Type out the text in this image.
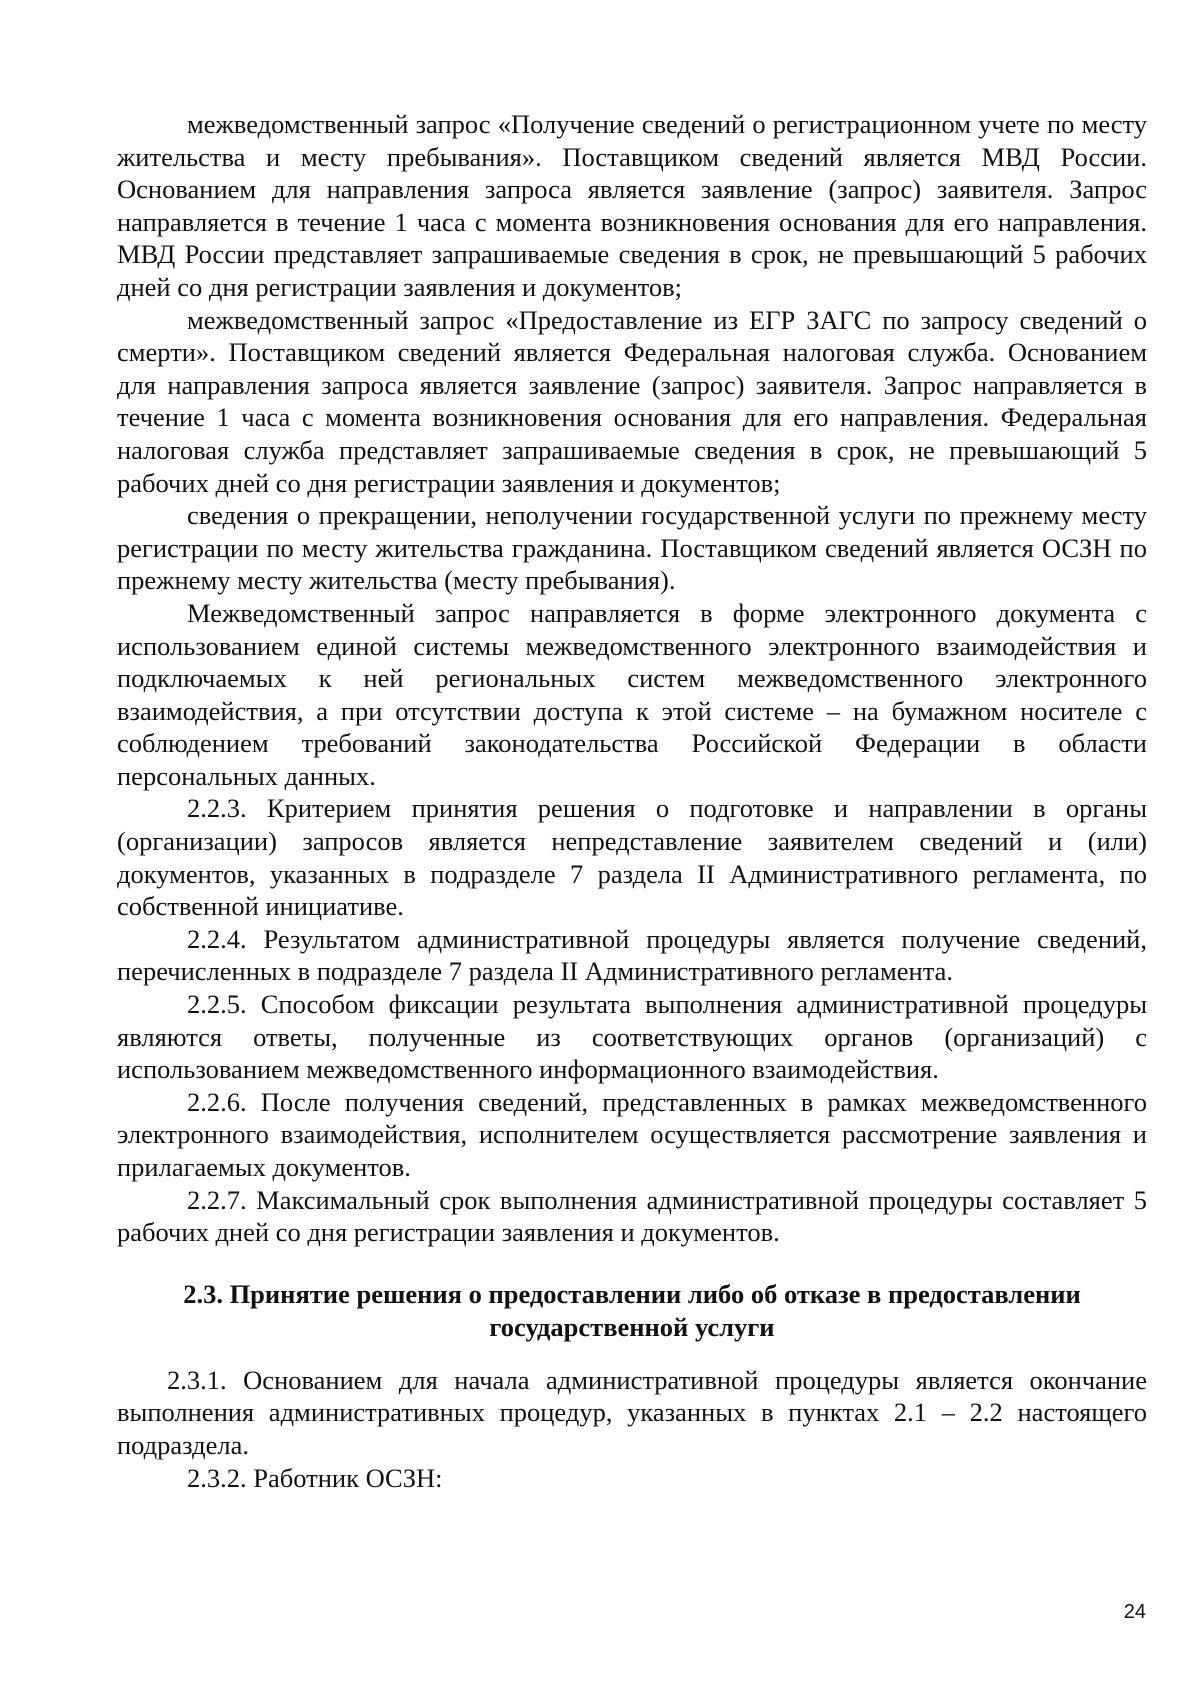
межведомственный запрос «Получение сведений о регистрационном учете по месту жительства и месту пребывания». Поставщиком сведений является МВД России. Основанием для направления запроса является заявление (запрос) заявителя. Запрос направляется в течение 1 часа с момента возникновения основания для его направления. МВД России представляет запрашиваемые сведения в срок, не превышающий 5 рабочих дней со дня регистрации заявления и документов;

межведомственный запрос «Предоставление из ЕГР ЗАГС по запросу сведений о смерти». Поставщиком сведений является Федеральная налоговая служба. Основанием для направления запроса является заявление (запрос) заявителя. Запрос направляется в течение 1 часа с момента возникновения основания для его направления. Федеральная налоговая служба представляет запрашиваемые сведения в срок, не превышающий 5 рабочих дней со дня регистрации заявления и документов;

сведения о прекращении, неполучении государственной услуги по прежнему месту регистрации по месту жительства гражданина. Поставщиком сведений является ОСЗН по прежнему месту жительства (месту пребывания).

Межведомственный запрос направляется в форме электронного документа с использованием единой системы межведомственного электронного взаимодействия и подключаемых к ней региональных систем межведомственного электронного взаимодействия, а при отсутствии доступа к этой системе – на бумажном носителе с соблюдением требований законодательства Российской Федерации в области персональных данных.

2.2.3. Критерием принятия решения о подготовке и направлении в органы (организации) запросов является непредставление заявителем сведений и (или) документов, указанных в подразделе 7 раздела II Административного регламента, по собственной инициативе.

2.2.4. Результатом административной процедуры является получение сведений, перечисленных в подразделе 7 раздела II Административного регламента.

2.2.5. Способом фиксации результата выполнения административной процедуры являются ответы, полученные из соответствующих органов (организаций) с использованием межведомственного информационного взаимодействия.

2.2.6. После получения сведений, представленных в рамках межведомственного электронного взаимодействия, исполнителем осуществляется рассмотрение заявления и прилагаемых документов.

2.2.7. Максимальный срок выполнения административной процедуры составляет 5 рабочих дней со дня регистрации заявления и документов.

2.3. Принятие решения о предоставлении либо об отказе в предоставлении
государственной услуги

2.3.1. Основанием для начала административной процедуры является окончание выполнения административных процедур, указанных в пунктах 2.1 – 2.2 настоящего подраздела.

2.3.2. Работник ОСЗН:

24
